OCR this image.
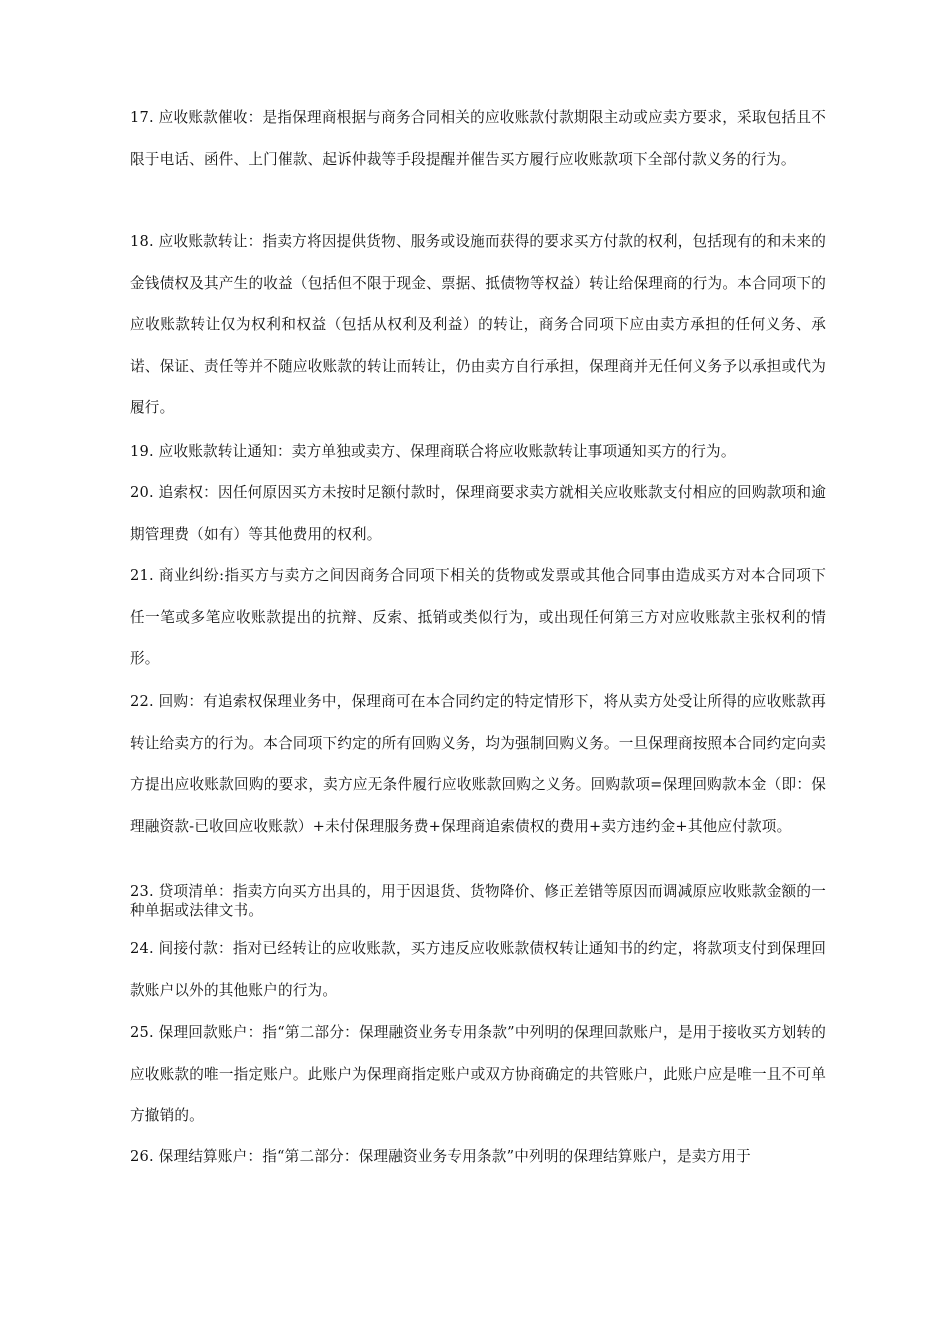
17. 应收账款催收：是指保理商根据与商务合同相关的应收账款付款期限主动或应卖方要求，采取包括且不限于电话、函件、上门催款、起诉仲裁等手段提醒并催告买方履行应收账款项下全部付款义务的行为。

18. 应收账款转让：指卖方将因提供货物、服务或设施而获得的要求买方付款的权利，包括现有的和未来的金钱债权及其产生的收益（包括但不限于现金、票据、抵债物等权益）转让给保理商的行为。本合同项下的应收账款转让仅为权利和权益（包括从权利及利益）的转让，商务合同项下应由卖方承担的任何义务、承诺、保证、责任等并不随应收账款的转让而转让，仍由卖方自行承担，保理商并无任何义务予以承担或代为履行。

19. 应收账款转让通知：卖方单独或卖方、保理商联合将应收账款转让事项通知买方的行为。

20. 追索权：因任何原因买方未按时足额付款时，保理商要求卖方就相关应收账款支付相应的回购款项和逾期管理费（如有）等其他费用的权利。

21. 商业纠纷:指买方与卖方之间因商务合同项下相关的货物或发票或其他合同事由造成买方对本合同项下任一笔或多笔应收账款提出的抗辩、反索、抵销或类似行为，或出现任何第三方对应收账款主张权利的情形。

22. 回购：有追索权保理业务中，保理商可在本合同约定的特定情形下，将从卖方处受让所得的应收账款再转让给卖方的行为。本合同项下约定的所有回购义务，均为强制回购义务。一旦保理商按照本合同约定向卖方提出应收账款回购的要求，卖方应无条件履行应收账款回购之义务。回购款项=保理回购款本金（即：保理融资款-已收回应收账款）+未付保理服务费+保理商追索债权的费用+卖方违约金+其他应付款项。

23. 贷项清单：指卖方向买方出具的，用于因退货、货物降价、修正差错等原因而调减原应收账款金额的一种单据或法律文书。

24. 间接付款：指对已经转让的应收账款，买方违反应收账款债权转让通知书的约定，将款项支付到保理回款账户以外的其他账户的行为。

25. 保理回款账户：指“第二部分：保理融资业务专用条款”中列明的保理回款账户，是用于接收买方划转的应收账款的唯一指定账户。此账户为保理商指定账户或双方协商确定的共管账户，此账户应是唯一且不可单方撤销的。

26. 保理结算账户：指“第二部分：保理融资业务专用条款”中列明的保理结算账户，是卖方用于
